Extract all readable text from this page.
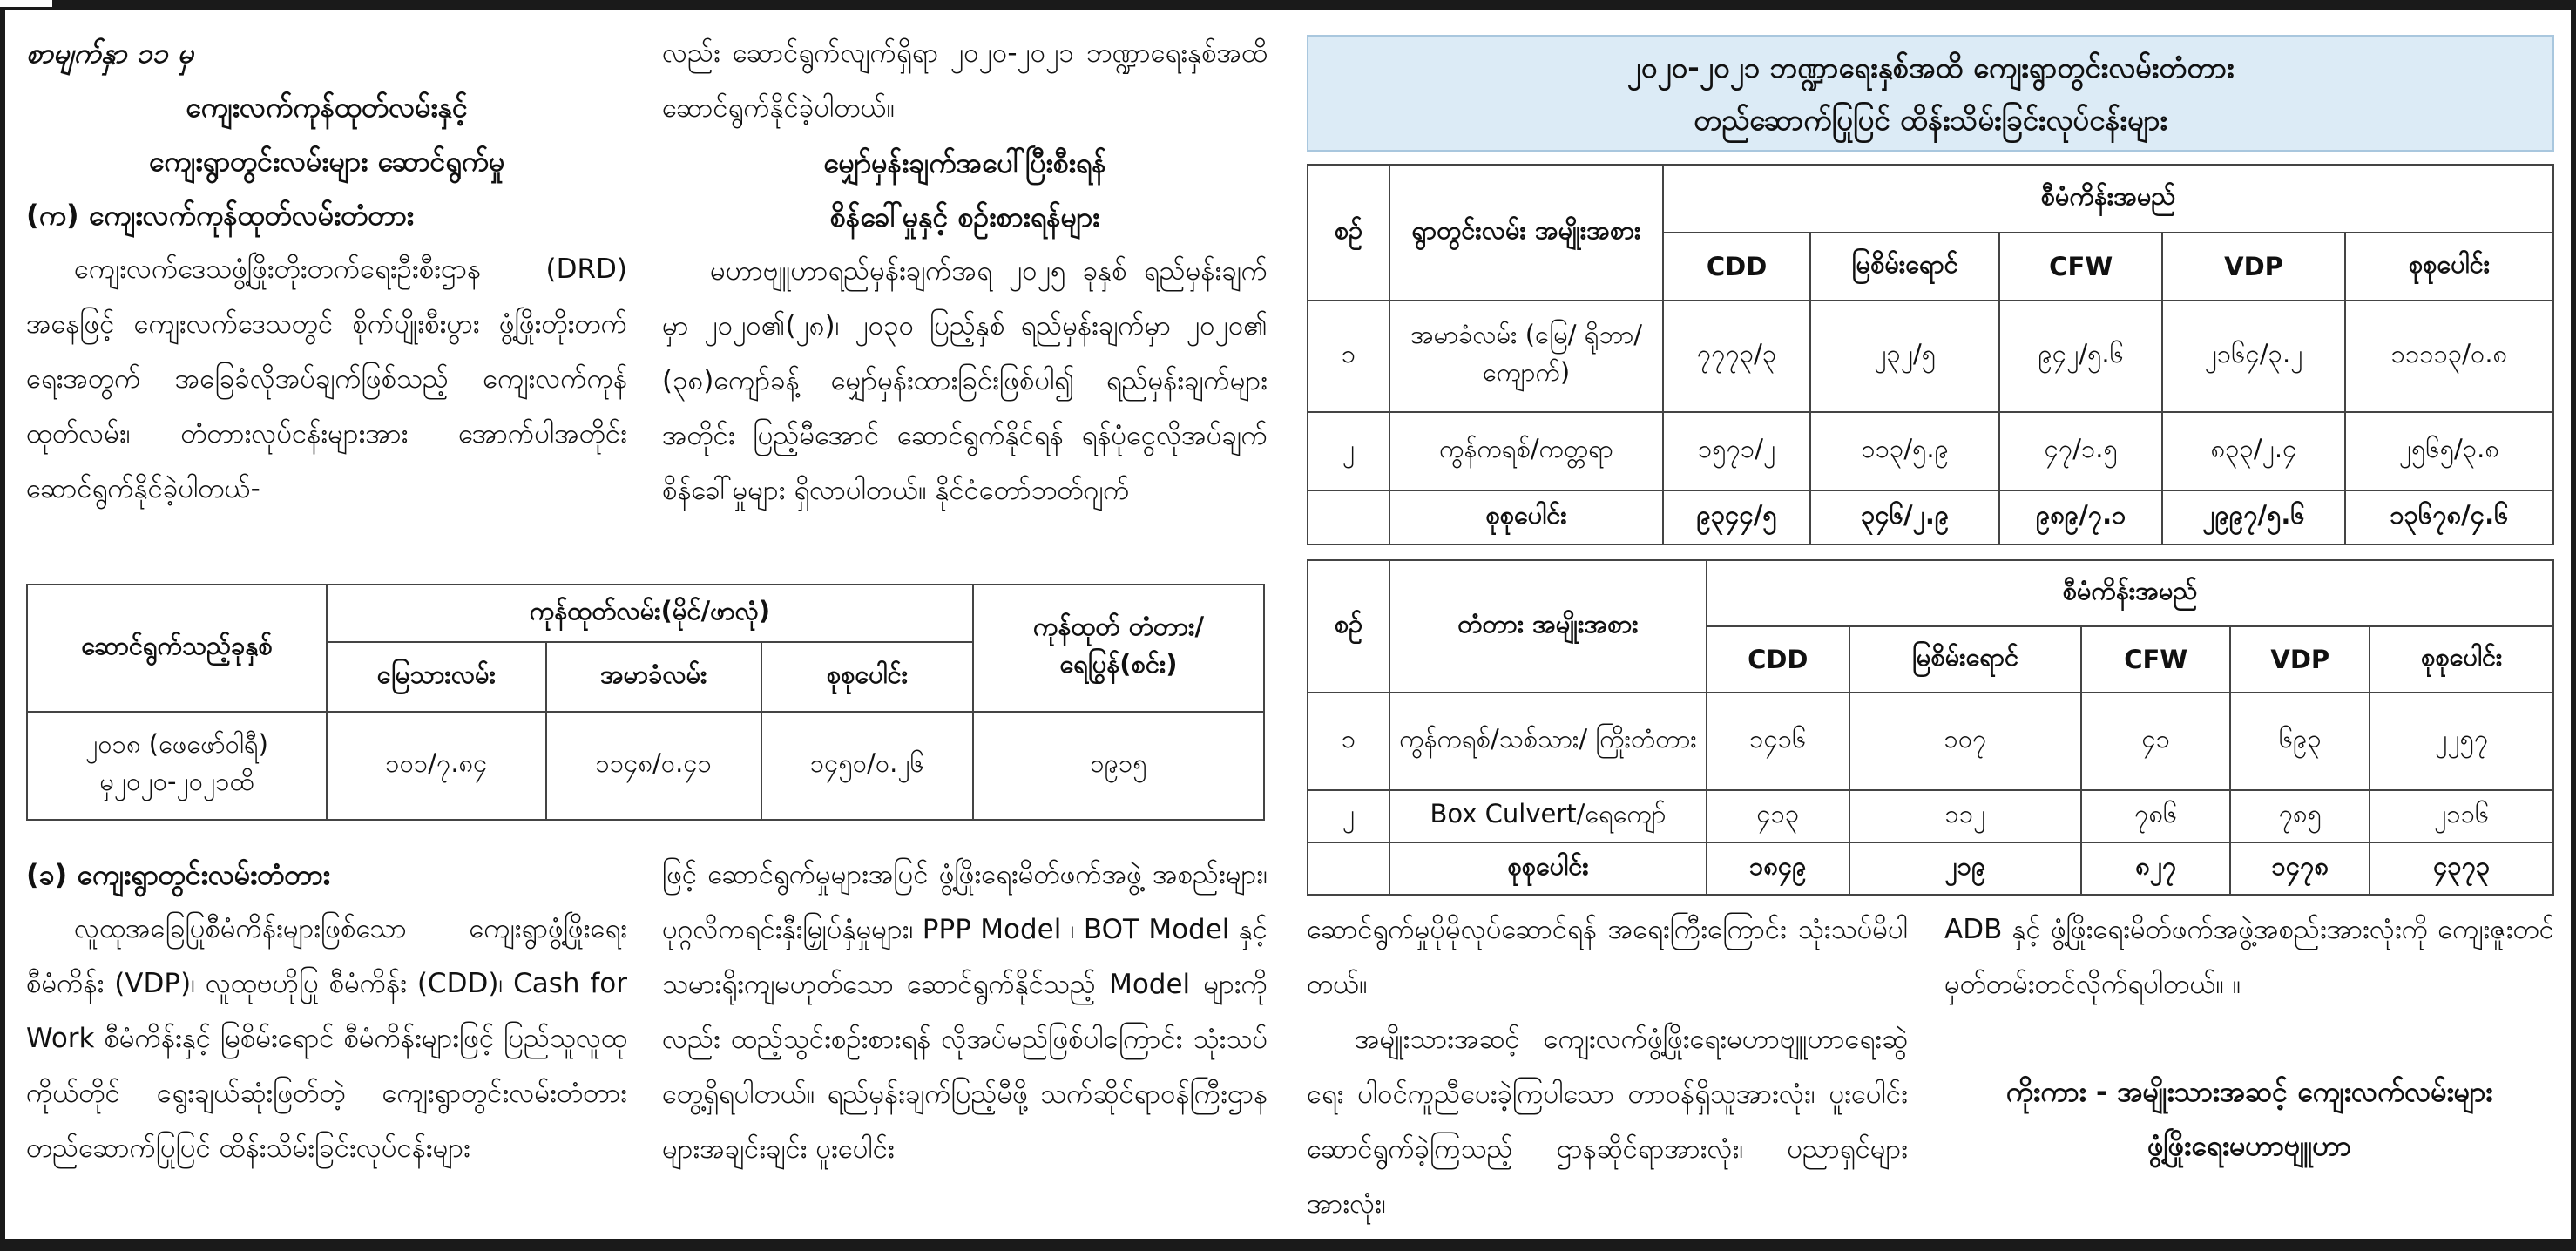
စာမျက်နှာ ၁၁ မှ

ကျေးလက်ကုန်ထုတ်လမ်းနှင့်

ကျေးရွာတွင်းလမ်းများ ဆောင်ရွက်မှု

(က) ကျေးလက်ကုန်ထုတ်လမ်းတံတား

ကျေးလက်ဒေသဖွံ့ဖြိုးတိုးတက်ရေးဦးစီးဌာန (DRD) အနေဖြင့် ကျေးလက်ဒေသတွင် စိုက်ပျိုးစီးပွား ဖွံ့ဖြိုးတိုးတက်ရေးအတွက် အခြေခံလိုအပ်ချက်ဖြစ်သည့် ကျေးလက်ကုန်ထုတ်လမ်း၊ တံတားလုပ်ငန်းများအား အောက်ပါအတိုင်း ဆောင်ရွက်နိုင်ခဲ့ပါတယ်-

လည်း ဆောင်ရွက်လျက်ရှိရာ ၂၀၂၀-၂၀၂၁ ဘဏ္ဍာရေးနှစ်အထိ ဆောင်ရွက်နိုင်ခဲ့ပါတယ်။

မျှော်မှန်းချက်အပေါ်ပြီးစီးရန်

စိန်ခေါ်မှုနှင့် စဉ်းစားရန်များ

မဟာဗျူဟာရည်မှန်းချက်အရ ၂၀၂၅ ခုနှစ် ရည်မှန်းချက်မှာ ၂၀၂၀၏(၂၈)၊ ၂၀၃၀ ပြည့်နှစ် ရည်မှန်းချက်မှာ ၂၀၂၀၏ (၃၈)ကျော်ခန့် မျှော်မှန်းထားခြင်းဖြစ်ပါ၍ ရည်မှန်းချက်များအတိုင်း ပြည့်မီအောင် ဆောင်ရွက်နိုင်ရန် ရန်ပုံငွေလိုအပ်ချက် စိန်ခေါ်မှုများ ရှိလာပါတယ်။ နိုင်ငံတော်ဘတ်ဂျက်

ဆောင်ရွက်သည့်ခုနှစ်	ကုန်ထုတ်လမ်း(မိုင်/ဖာလုံ)			ကုန်ထုတ် တံတား/ရေပြွန်(စင်း)
	မြေသားလမ်း	အမာခံလမ်း	စုစုပေါင်း	
၂၀၁၈ (ဖေဖော်ဝါရီ) မှ၂၀၂၀-၂၀၂၁ထိ	၁၀၁/၇.၈၄	၁၁၄၈/၀.၄၁	၁၄၅၀/၀.၂၆	၁၉၁၅

(ခ) ကျေးရွာတွင်းလမ်းတံတား

လူထုအခြေပြုစီမံကိန်းများဖြစ်သော ကျေးရွာဖွံ့ဖြိုးရေးစီမံကိန်း (VDP)၊ လူထုဗဟိုပြု စီမံကိန်း (CDD)၊ Cash for Work စီမံကိန်းနှင့် မြစိမ်းရောင် စီမံကိန်းများဖြင့် ပြည်သူလူထု ကိုယ်တိုင် ရွေးချယ်ဆုံးဖြတ်တဲ့ ကျေးရွာတွင်းလမ်းတံတား တည်ဆောက်ပြုပြင် ထိန်းသိမ်းခြင်းလုပ်ငန်းများ

ဖြင့် ဆောင်ရွက်မှုများအပြင် ဖွံ့ဖြိုးရေးမိတ်ဖက်အဖွဲ့ အစည်းများ၊ ပုဂ္ဂလိကရင်းနှီးမြှုပ်နှံမှုများ၊ PPP Model ၊ BOT Model နှင့် သမားရိုးကျမဟုတ်သော ဆောင်ရွက်နိုင်သည့် Model များကိုလည်း ထည့်သွင်းစဉ်းစားရန် လိုအပ်မည်ဖြစ်ပါကြောင်း သုံးသပ်တွေ့ရှိရပါတယ်။ ရည်မှန်းချက်ပြည့်မီဖို့ သက်ဆိုင်ရာဝန်ကြီးဌာနများအချင်းချင်း ပူးပေါင်း

၂၀၂၀-၂၀၂၁ ဘဏ္ဍာရေးနှစ်အထိ ကျေးရွာတွင်းလမ်းတံတား
တည်ဆောက်ပြုပြင် ထိန်းသိမ်းခြင်းလုပ်ငန်းများ
စဉ်	ရွာတွင်းလမ်း အမျိုးအစား	စီမံကိန်းအမည်				
		CDD	မြစိမ်းရောင်	CFW	VDP	စုစုပေါင်း
၁	အမာခံလမ်း (မြေ/ ရိုဘာ/ကျောက်)	၇၇၇၃/၃	၂၃၂/၅	၉၄၂/၅.၆	၂၁၆၄/၃.၂	၁၁၁၁၃/၀.၈
၂	ကွန်ကရစ်/ကတ္တရာ	၁၅၇၁/၂	၁၁၃/၅.၉	၄၇/၁.၅	၈၃၃/၂.၄	၂၅၆၅/၃.၈
	စုစုပေါင်း	၉၃၄၄/၅	၃၄၆/၂.၉	၉၈၉/၇.၁	၂၉၉၇/၅.၆	၁၃၆၇၈/၄.၆
စဉ်	တံတား အမျိုးအစား	စီမံကိန်းအမည်				
		CDD	မြစိမ်းရောင်	CFW	VDP	စုစုပေါင်း
၁	ကွန်ကရစ်/သစ်သား/ ကြိုးတံတား	၁၄၁၆	၁၀၇	၄၁	၆၉၃	၂၂၅၇
၂	Box Culvert/ရေကျော်	၄၁၃	၁၁၂	၇၈၆	၇၈၅	၂၁၁၆
	စုစုပေါင်း	၁၈၄၉	၂၁၉	၈၂၇	၁၄၇၈	၄၃၇၃

ဆောင်ရွက်မှုပိုမိုလုပ်ဆောင်ရန် အရေးကြီးကြောင်း သုံးသပ်မိပါတယ်။

အမျိုးသားအဆင့် ကျေးလက်ဖွံ့ဖြိုးရေးမဟာဗျူဟာရေးဆွဲရေး ပါဝင်ကူညီပေးခဲ့ကြပါသော တာဝန်ရှိသူအားလုံး၊ ပူးပေါင်းဆောင်ရွက်ခဲ့ကြသည့် ဌာနဆိုင်ရာအားလုံး၊ ပညာရှင်များအားလုံး၊

ADB နှင့် ဖွံ့ဖြိုးရေးမိတ်ဖက်အဖွဲ့အစည်းအားလုံးကို ကျေးဇူးတင် မှတ်တမ်းတင်လိုက်ရပါတယ်။ ။

ကိုးကား - အမျိုးသားအဆင့် ကျေးလက်လမ်းများ

ဖွံ့ဖြိုးရေးမဟာဗျူဟာ
